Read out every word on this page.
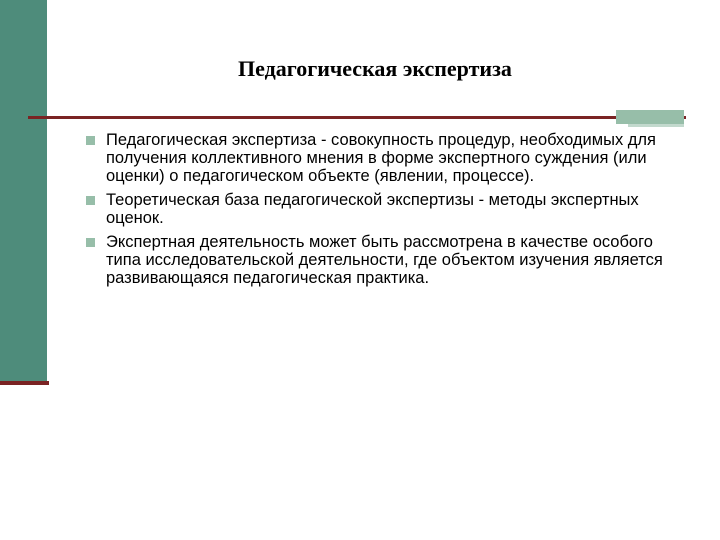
Педагогическая экспертиза
Педагогическая экспертиза - совокупность процедур, необходимых для получения коллективного мнения в форме экспертного суждения (или оценки) о педагогическом объекте (явлении, процессе).
Теоретическая база педагогической экспертизы - методы экспертных оценок.
Экспертная деятельность может быть рассмотрена в качестве особого типа исследовательской деятельности, где объектом изучения является развивающаяся педагогическая практика.
